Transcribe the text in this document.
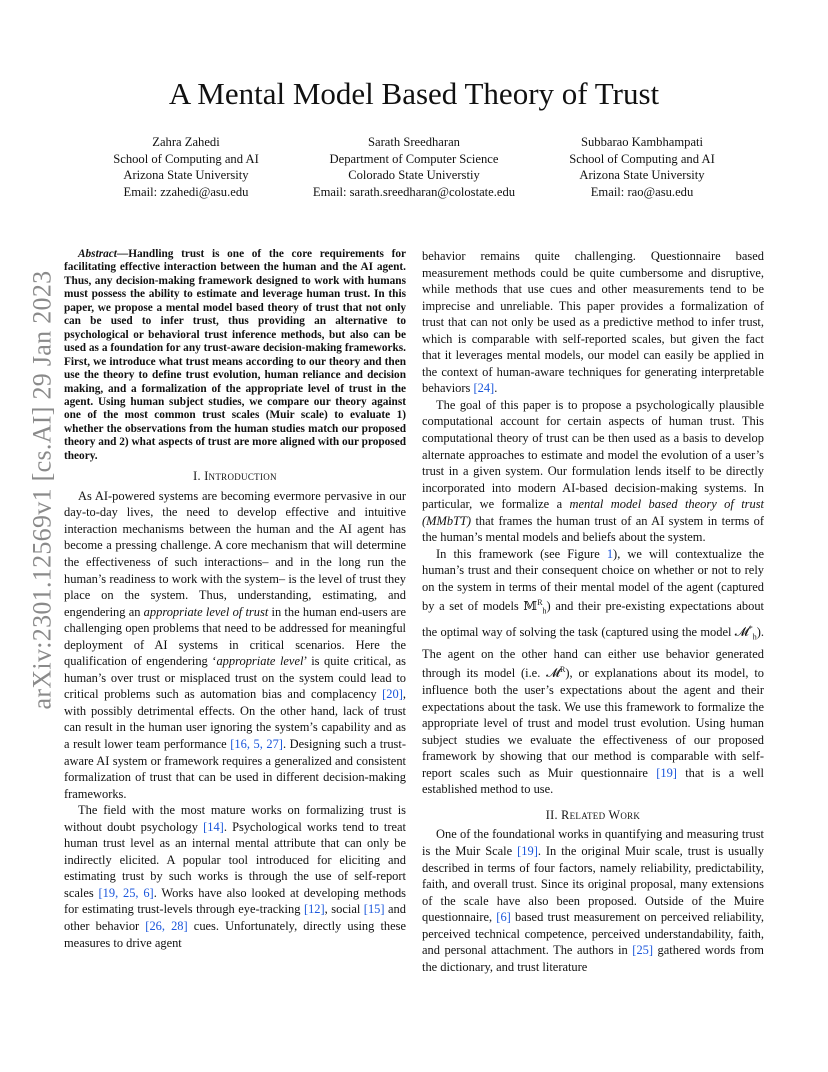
arXiv:2301.12569v1 [cs.AI] 29 Jan 2023
A Mental Model Based Theory of Trust
Zahra Zahedi
School of Computing and AI
Arizona State University
Email: zzahedi@asu.edu
Sarath Sreedharan
Department of Computer Science
Colorado State Universtiy
Email: sarath.sreedharan@colostate.edu
Subbarao Kambhampati
School of Computing and AI
Arizona State University
Email: rao@asu.edu

Abstract—Handling trust is one of the core requirements for facilitating effective interaction between the human and the AI agent. Thus, any decision-making framework designed to work with humans must possess the ability to estimate and leverage human trust. In this paper, we propose a mental model based theory of trust that not only can be used to infer trust, thus providing an alternative to psychological or behavioral trust inference methods, but also can be used as a foundation for any trust-aware decision-making frameworks. First, we introduce what trust means according to our theory and then use the theory to define trust evolution, human reliance and decision making, and a formalization of the appropriate level of trust in the agent. Using human subject studies, we compare our theory against one of the most common trust scales (Muir scale) to evaluate 1) whether the observations from the human studies match our proposed theory and 2) what aspects of trust are more aligned with our proposed theory.

I. Introduction

As AI-powered systems are becoming evermore pervasive in our day-to-day lives, the need to develop effective and intuitive interaction mechanisms between the human and the AI agent has become a pressing challenge. A core mechanism that will determine the effectiveness of such interactions– and in the long run the human’s readiness to work with the system– is the level of trust they place on the system. Thus, understanding, estimating, and engendering an appropriate level of trust in the human end-users are challenging open problems that need to be addressed for meaningful deployment of AI systems in critical scenarios. Here the qualification of engendering ‘appropriate level’ is quite critical, as human’s over trust or misplaced trust on the system could lead to critical problems such as automation bias and complacency [20], with possibly detrimental effects. On the other hand, lack of trust can result in the human user ignoring the system’s capability and as a result lower team performance [16, 5, 27]. Designing such a trust-aware AI system or framework requires a generalized and consistent formalization of trust that can be used in different decision-making frameworks.

The field with the most mature works on formalizing trust is without doubt psychology [14]. Psychological works tend to treat human trust level as an internal mental attribute that can only be indirectly elicited. A popular tool introduced for eliciting and estimating trust by such works is through the use of self-report scales [19, 25, 6]. Works have also looked at developing methods for estimating trust-levels through eye-tracking [12], social [15] and other behavior [26, 28] cues. Unfortunately, directly using these measures to drive agent

behavior remains quite challenging. Questionnaire based measurement methods could be quite cumbersome and disruptive, while methods that use cues and other measurements tend to be imprecise and unreliable. This paper provides a formalization of trust that can not only be used as a predictive method to infer trust, which is comparable with self-reported scales, but given the fact that it leverages mental models, our model can easily be applied in the context of human-aware techniques for generating interpretable behaviors [24].

The goal of this paper is to propose a psychologically plausible computational account for certain aspects of human trust. This computational theory of trust can be then used as a basis to develop alternate approaches to estimate and model the evolution of a user’s trust in a given system. Our formulation lends itself to be directly incorporated into modern AI-based decision-making systems. In particular, we formalize a mental model based theory of trust (MMbTT) that frames the human trust of an AI system in terms of the human’s mental models and beliefs about the system.

In this framework (see Figure 1), we will contextualize the human’s trust and their consequent choice on whether or not to rely on the system in terms of their mental model of the agent (captured by a set of models 𝕄$^R_h$) and their pre-existing expectations about the optimal way of solving the task (captured using the model 𝓜*$_h$). The agent on the other hand can either use behavior generated through its model (i.e. 𝓜$^R$), or explanations about its model, to influence both the user’s expectations about the agent and their expectations about the task. We use this framework to formalize the appropriate level of trust and model trust evolution. Using human subject studies we evaluate the effectiveness of our proposed framework by showing that our method is comparable with self-report scales such as Muir questionnaire [19] that is a well established method to use.

II. Related Work

One of the foundational works in quantifying and measuring trust is the Muir Scale [19]. In the original Muir scale, trust is usually described in terms of four factors, namely reliability, predictability, faith, and overall trust. Since its original proposal, many extensions of the scale have also been proposed. Outside of the Muire questionnaire, [6] based trust measurement on perceived reliability, perceived technical competence, perceived understandability, faith, and personal attachment. The authors in [25] gathered words from the dictionary, and trust literature
